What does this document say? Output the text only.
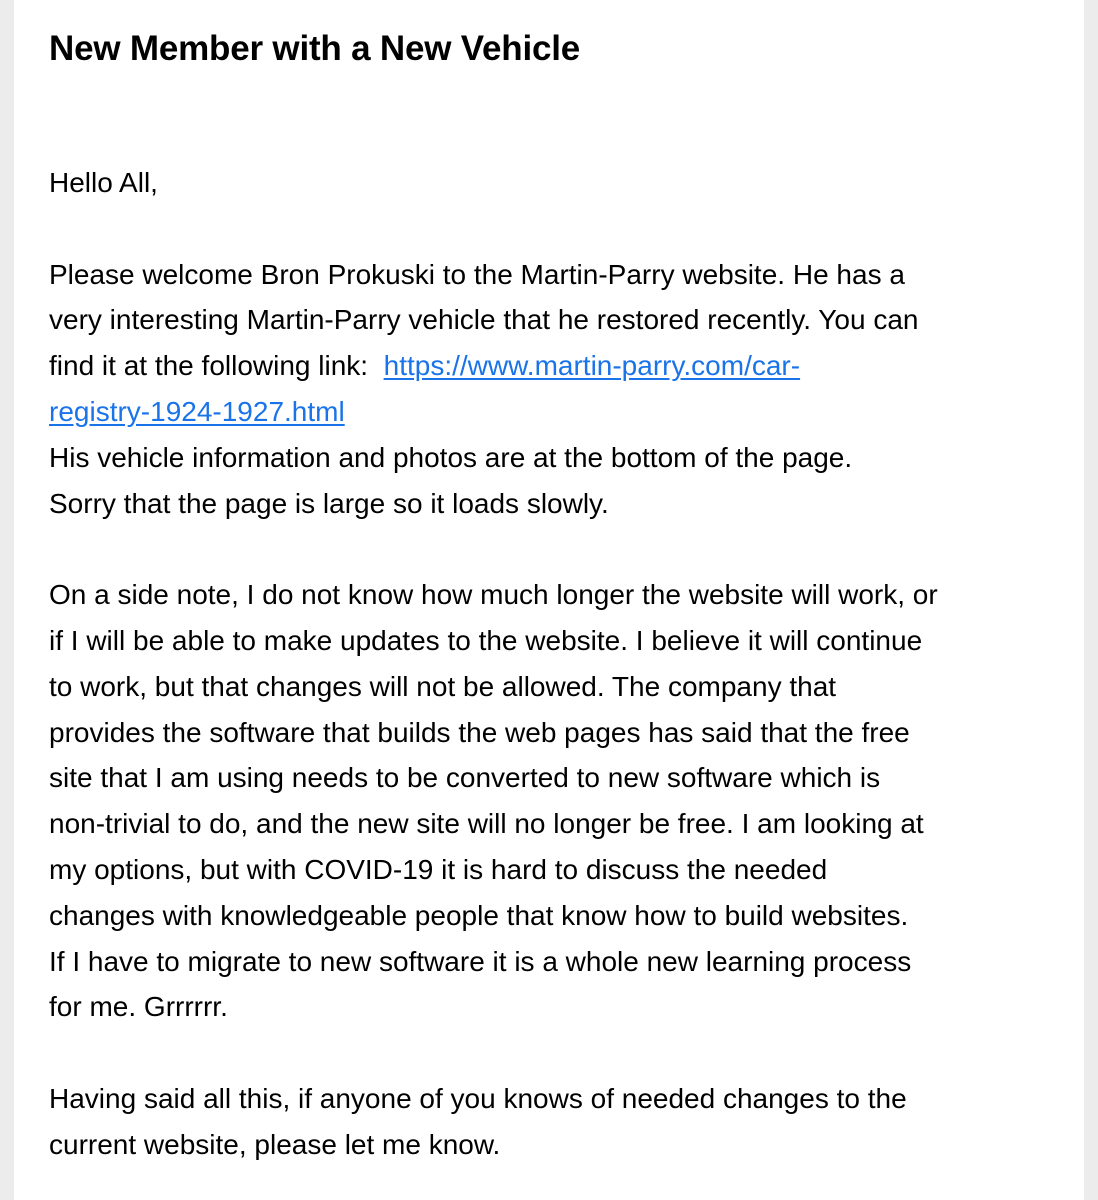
New Member with a New Vehicle

Hello All,

Please welcome Bron Prokuski to the Martin-Parry website. He has a

very interesting Martin-Parry vehicle that he restored recently. You can

find it at the following link:  https://www.martin-parry.com/car-

registry-1924-1927.html

His vehicle information and photos are at the bottom of the page.

Sorry that the page is large so it loads slowly.

On a side note, I do not know how much longer the website will work, or

if I will be able to make updates to the website. I believe it will continue

to work, but that changes will not be allowed. The company that

provides the software that builds the web pages has said that the free

site that I am using needs to be converted to new software which is

non-trivial to do, and the new site will no longer be free. I am looking at

my options, but with COVID-19 it is hard to discuss the needed

changes with knowledgeable people that know how to build websites.

If I have to migrate to new software it is a whole new learning process

for me. Grrrrrr.

Having said all this, if anyone of you knows of needed changes to the

current website, please let me know.
